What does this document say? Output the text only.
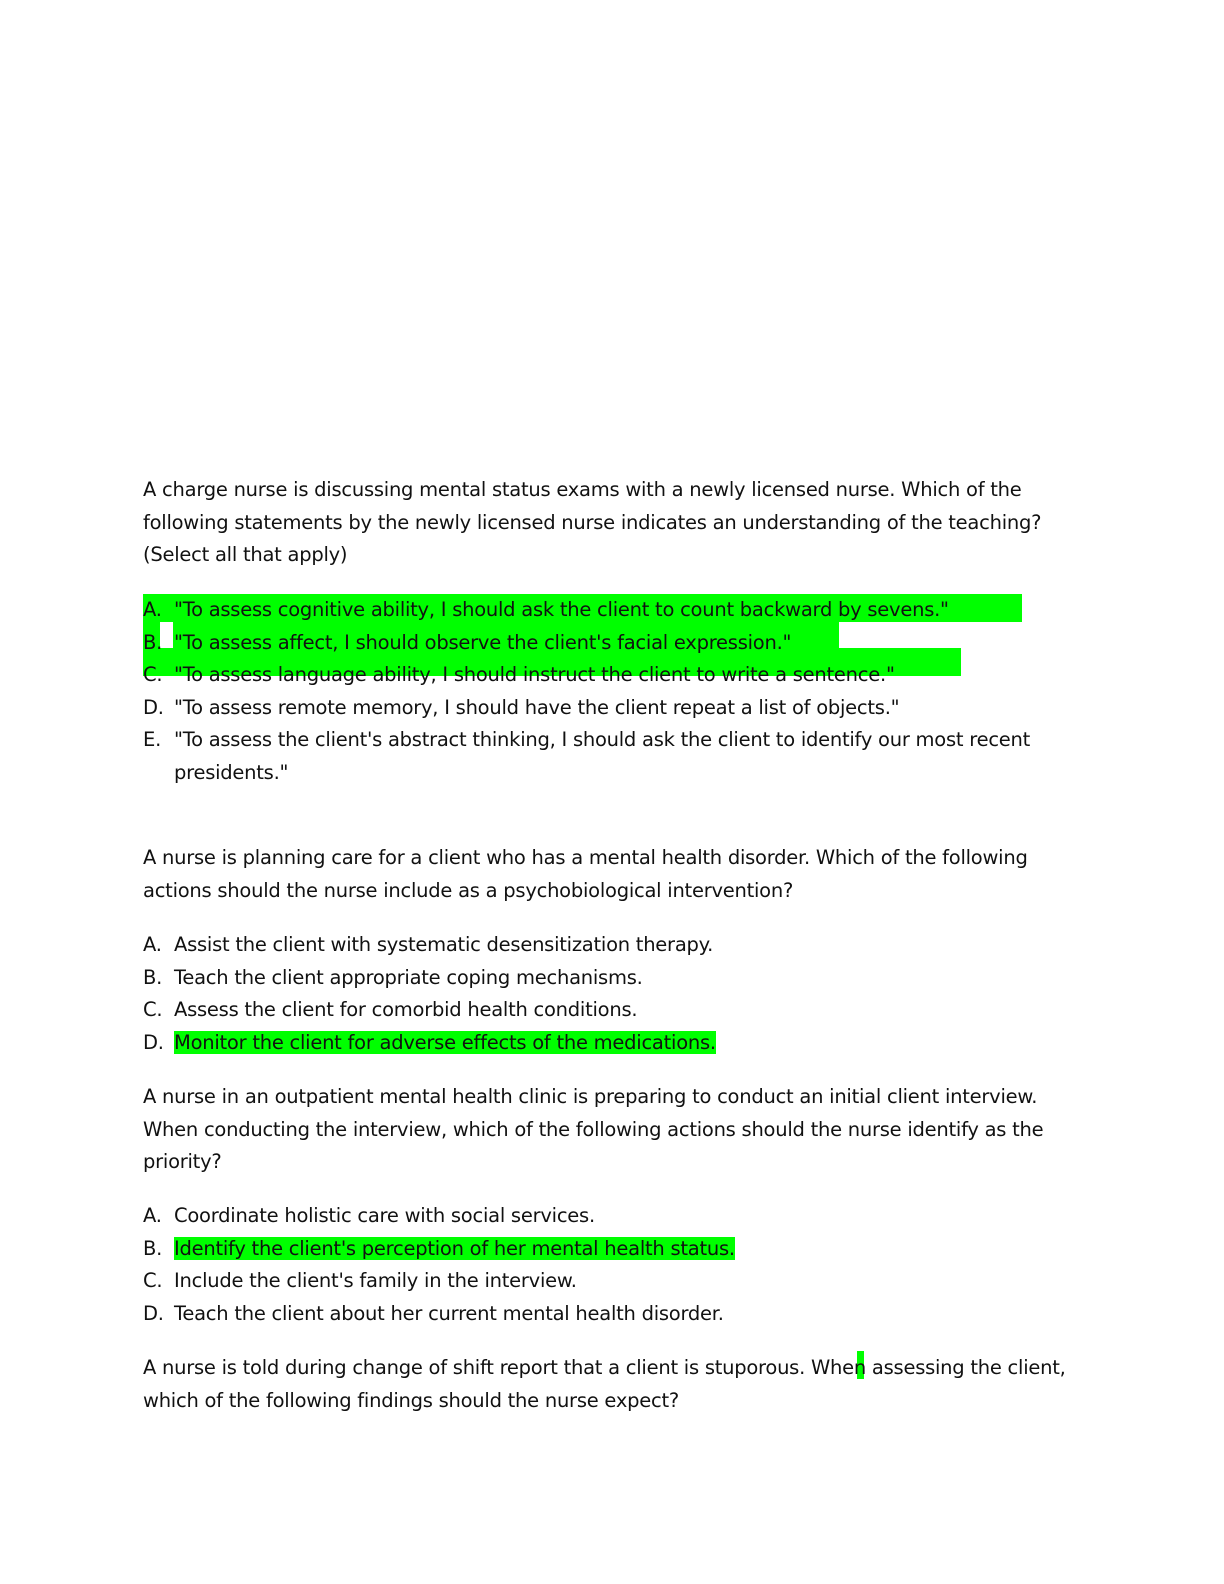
A charge nurse is discussing mental status exams with a newly licensed nurse. Which of the following statements by the newly licensed nurse indicates an understanding of the teaching? (Select all that apply)

A. "To assess cognitive ability, I should ask the client to count backward by sevens."
B. "To assess affect, I should observe the client's facial expression."
C. "To assess language ability, I should instruct the client to write a sentence."
D. "To assess remote memory, I should have the client repeat a list of objects."
E. "To assess the client's abstract thinking, I should ask the client to identify our most recent presidents."

A nurse is planning care for a client who has a mental health disorder. Which of the following actions should the nurse include as a psychobiological intervention?

A. Assist the client with systematic desensitization therapy.
B. Teach the client appropriate coping mechanisms.
C. Assess the client for comorbid health conditions.
D. Monitor the client for adverse effects of the medications.

A nurse in an outpatient mental health clinic is preparing to conduct an initial client interview. When conducting the interview, which of the following actions should the nurse identify as the priority?

A. Coordinate holistic care with social services.
B. Identify the client's perception of her mental health status.
C. Include the client's family in the interview.
D. Teach the client about her current mental health disorder.

A nurse is told during change of shift report that a client is stuporous. When assessing the client, which of the following findings should the nurse expect?
